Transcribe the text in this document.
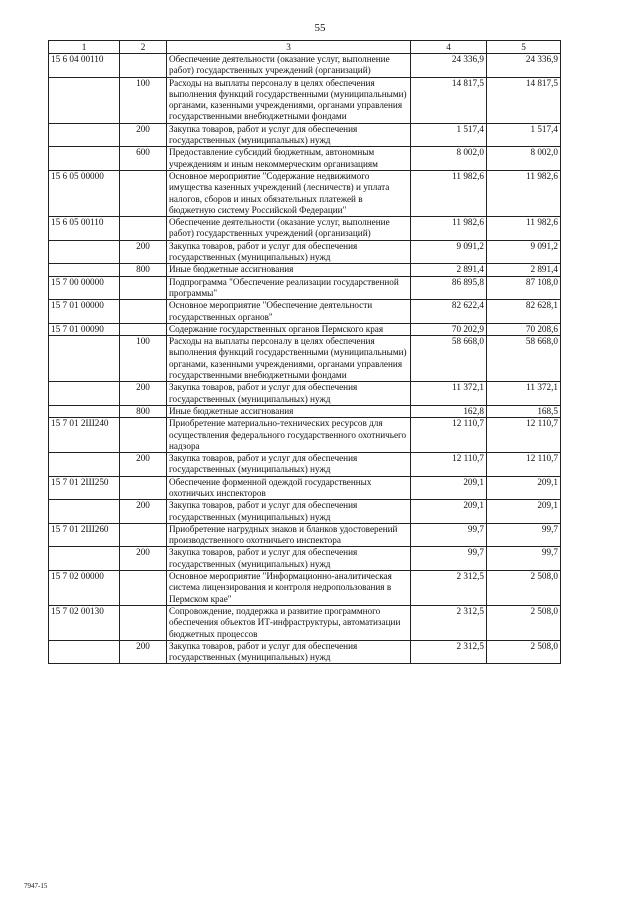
55
1	2	3	4	5
15 6 04 00110		Обеспечение деятельности (оказание услуг, выполнение работ) государственных учреждений (организаций)	24 336,9	24 336,9
	100	Расходы на выплаты персоналу в целях обеспечения выполнения функций государственными (муниципальными) органами, казенными учреждениями, органами управления государственными внебюджетными фондами	14 817,5	14 817,5
	200	Закупка товаров, работ и услуг для обеспечения государственных (муниципальных) нужд	1 517,4	1 517,4
	600	Предоставление субсидий бюджетным, автономным учреждениям и иным некоммерческим организациям	8 002,0	8 002,0
15 6 05 00000		Основное мероприятие "Содержание недвижимого имущества казенных учреждений (лесничеств) и уплата налогов, сборов и иных обязательных платежей в бюджетную систему Российской Федерации"	11 982,6	11 982,6
15 6 05 00110		Обеспечение деятельности (оказание услуг, выполнение работ) государственных учреждений (организаций)	11 982,6	11 982,6
	200	Закупка товаров, работ и услуг для обеспечения государственных (муниципальных) нужд	9 091,2	9 091,2
	800	Иные бюджетные ассигнования	2 891,4	2 891,4
15 7 00 00000		Подпрограмма "Обеспечение реализации государственной программы"	86 895,8	87 108,0
15 7 01 00000		Основное мероприятие "Обеспечение деятельности государственных органов"	82 622,4	82 628,1
15 7 01 00090		Содержание государственных органов Пермского края	70 202,9	70 208,6
	100	Расходы на выплаты персоналу в целях обеспечения выполнения функций государственными (муниципальными) органами, казенными учреждениями, органами управления государственными внебюджетными фондами	58 668,0	58 668,0
	200	Закупка товаров, работ и услуг для обеспечения государственных (муниципальных) нужд	11 372,1	11 372,1
	800	Иные бюджетные ассигнования	162,8	168,5
15 7 01 2Ш240		Приобретение материально-технических ресурсов для осуществления федерального государственного охотничьего надзора	12 110,7	12 110,7
	200	Закупка товаров, работ и услуг для обеспечения государственных (муниципальных) нужд	12 110,7	12 110,7
15 7 01 2Ш250		Обеспечение форменной одеждой государственных охотничьих инспекторов	209,1	209,1
	200	Закупка товаров, работ и услуг для обеспечения государственных (муниципальных) нужд	209,1	209,1
15 7 01 2Ш260		Приобретение нагрудных знаков и бланков удостоверений производственного охотничьего инспектора	99,7	99,7
	200	Закупка товаров, работ и услуг для обеспечения государственных (муниципальных) нужд	99,7	99,7
15 7 02 00000		Основное мероприятие "Информационно-аналитическая система лицензирования и контроля недропользования в Пермском крае"	2 312,5	2 508,0
15 7 02 00130		Сопровождение, поддержка и развитие программного обеспечения объектов ИТ-инфраструктуры, автоматизации бюджетных процессов	2 312,5	2 508,0
	200	Закупка товаров, работ и услуг для обеспечения государственных (муниципальных) нужд	2 312,5	2 508,0
7947-15
